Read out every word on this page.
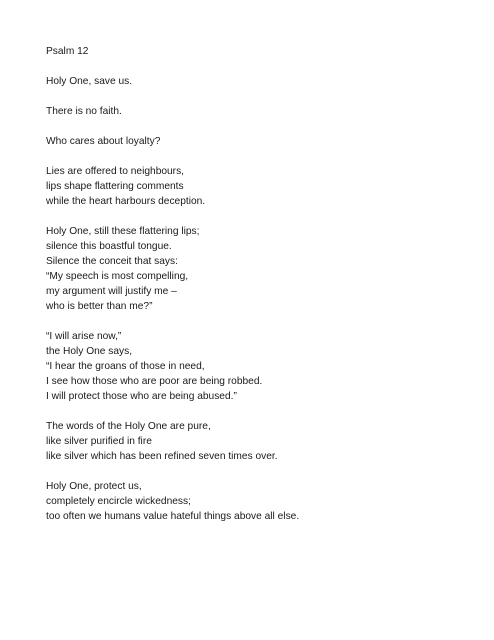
Psalm 12
Holy One, save us.
There is no faith.
Who cares about loyalty?
Lies are offered to neighbours,
lips shape flattering comments
while the heart harbours deception.
Holy One, still these flattering lips;
silence this boastful tongue.
Silence the conceit that says:
“My speech is most compelling,
my argument will justify me –
who is better than me?”
“I will arise now,”
the Holy One says,
“I hear the groans of those in need,
I see how those who are poor are being robbed.
I will protect those who are being abused.”
The words of the Holy One are pure,
like silver purified in fire
like silver which has been refined seven times over.
Holy One, protect us,
completely encircle wickedness;
too often we humans value hateful things above all else.
